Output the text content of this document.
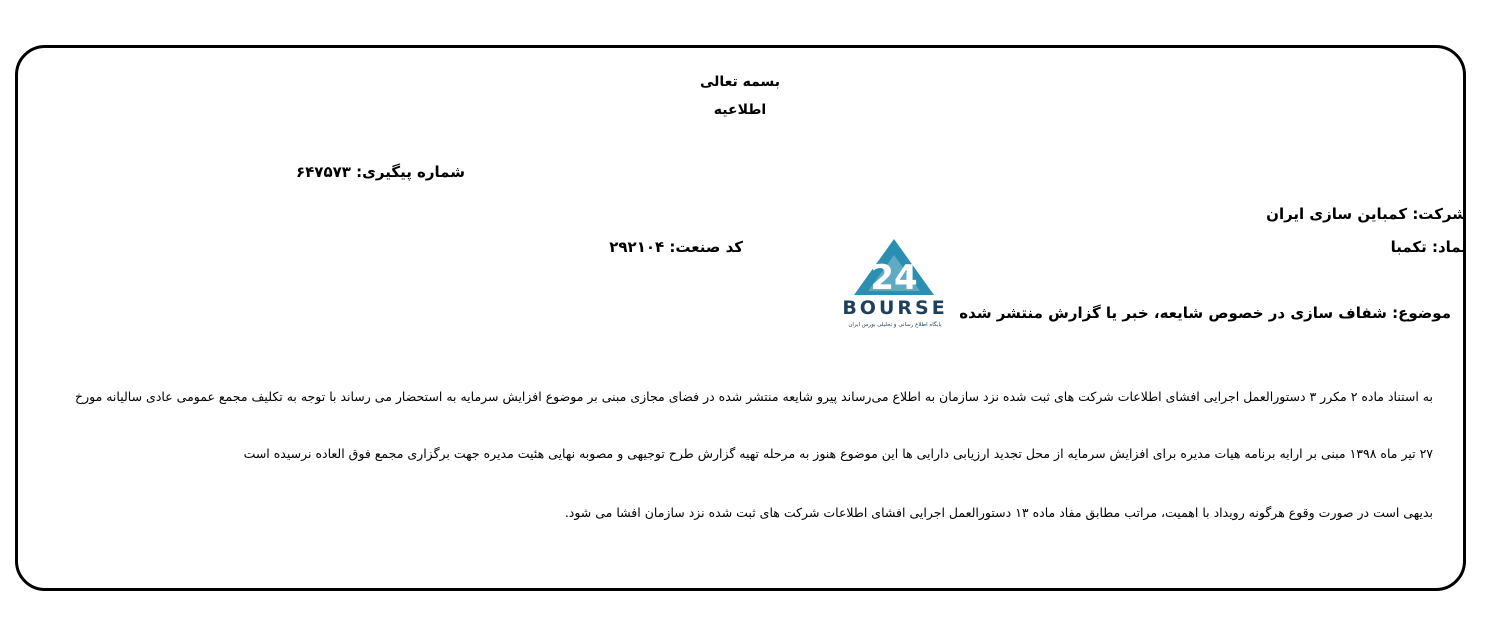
بسمه تعالی
اطلاعیه
شماره پیگیری: ۶۴۷۵۷۳
شرکت: کمباین سازی ایران
نماد: تکمبا
کد صنعت: ۲۹۲۱۰۴
موضوع: شفاف سازی در خصوص شایعه، خبر یا گزارش منتشر شده
24
BOURSE
پایگاه اطلاع رسانی و تحلیلی بورس ایران
به استناد ماده ۲ مکرر ۳ دستورالعمل اجرایی افشای اطلاعات شرکت های ثبت شده نزد سازمان به اطلاع می‌رساند پیرو شایعه منتشر شده در فضای مجازی مبنی بر موضوع افزایش سرمایه به استحضار می رساند با توجه به تکلیف مجمع عمومی عادی سالیانه مورخ
۲۷ تیر ماه ۱۳۹۸ مبنی بر ارایه برنامه هیات مدیره برای افزایش سرمایه از محل تجدید ارزیابی دارایی ها این موضوع هنوز به مرحله تهیه گزارش طرح توجیهی و مصوبه نهایی هئیت مدیره جهت برگزاری مجمع فوق العاده نرسیده است
بدیهی است در صورت وقوع هرگونه رویداد با اهمیت، مراتب مطابق مفاد ماده ۱۳ دستورالعمل اجرایی افشای اطلاعات شرکت های ثبت شده نزد سازمان افشا می شود.
